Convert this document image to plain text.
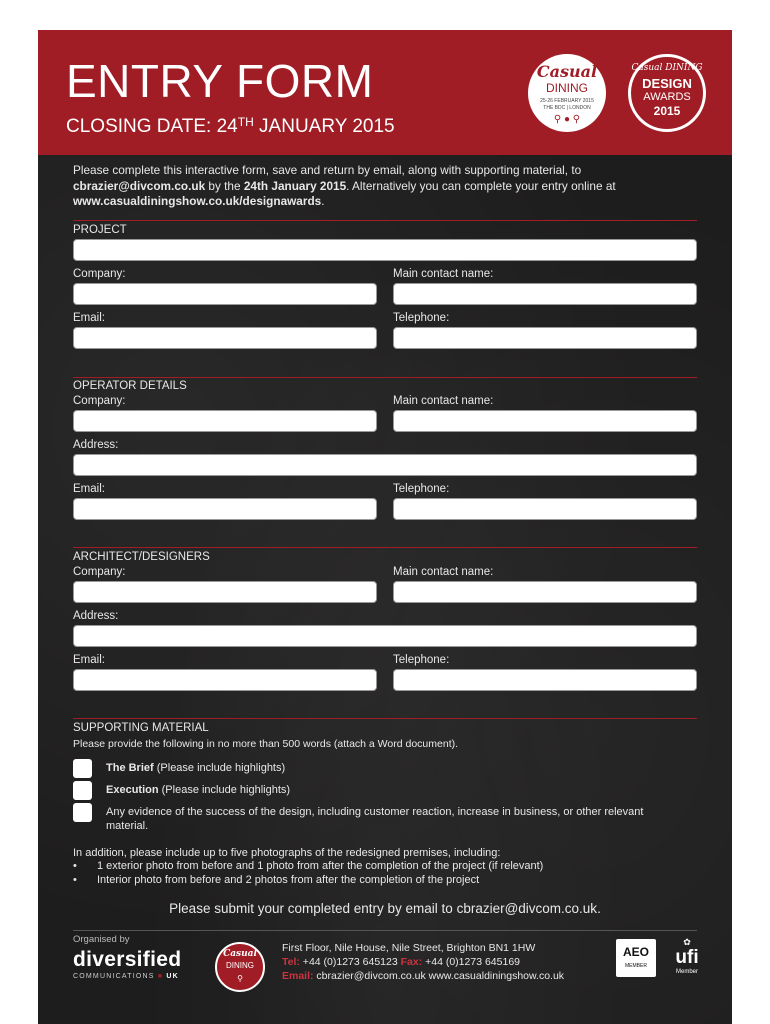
ENTRY FORM
CLOSING DATE: 24TH JANUARY 2015
Casual
DINING
25-26 FEBRUARY 2015
THE BDC | LONDON
⚲ ● ⚲
Casual DINING
DESIGN
AWARDS
2015
Please complete this interactive form, save and return by email, along with supporting material, to
cbrazier@divcom.co.uk by the 24th January 2015. Alternatively you can complete your entry online at
www.casualdiningshow.co.uk/designawards.
PROJECT
Company:	Main contact name:
Email:	Telephone:
OPERATOR DETAILS
Company:	Main contact name:
Address:
Email:	Telephone:
ARCHITECT/DESIGNERS
Company:	Main contact name:
Address:
Email:	Telephone:
SUPPORTING MATERIAL
Please provide the following in no more than 500 words (attach a Word document).
The Brief (Please include highlights)
Execution (Please include highlights)
Any evidence of the success of the design, including customer reaction, increase in business, or other relevant material.
In addition, please include up to five photographs of the redesigned premises, including:
• 1 exterior photo from before and 1 photo from after the completion of the project (if relevant)
• Interior photo from before and 2 photos from after the completion of the project
Please submit your completed entry by email to cbrazier@divcom.co.uk.
Organised by
diversified
COMMUNICATIONS ■ UK
Casual
DINING
⚲
First Floor, Nile House, Nile Street, Brighton BN1 1HW
Tel: +44 (0)1273 645123 Fax: +44 (0)1273 645169
Email: cbrazier@divcom.co.uk www.casualdiningshow.co.uk
AEO
MEMBER
✿
ufi
Member
